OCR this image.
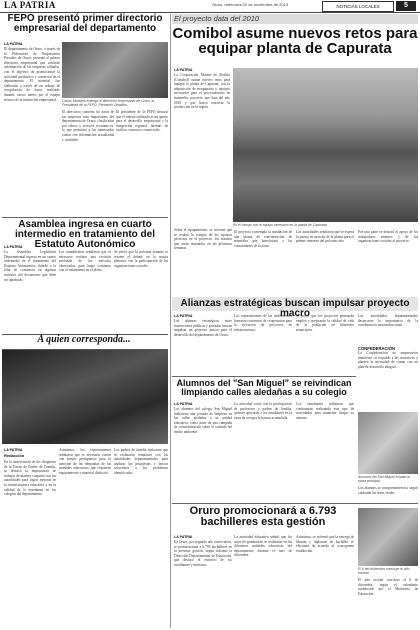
LA PATRIA	Oruro, miércoles 20 de noviembre de 2013	NOTICIAS LOCALES	5
FEPO presentó primer directorio empresarial del departamento
LA PATRIA
El departamento de Oruro, a través de la Federación de Empresarios Privados de Oruro, presentó el primer directorio empresarial que contiene información de las empresas afiliadas, con el objetivo de promocionar la actividad productiva y comercial en el departamento. El material fue elaborado a través de un trabajo de recopilación de datos realizado durante varios meses por el equipo técnico de la institución empresarial.	Carlos Montoya entrega el directorio empresarial de Oruro, al Presidente de la FEPO, Fernando Zeballos.
El directorio contiene los datos de las empresas más importantes del departamento de Oruro, clasificadas por rubros y sectores económicos, lo que permitirá a los interesados contar con información actualizada y confiable.
El presidente de la FEPO destacó que el trabajo realizado es un aporte para el desarrollo empresarial y la integración regional, además de facilitar contactos comerciales.
Asamblea ingresa en cuarto intermedio en tratamiento del Estatuto Autonómico
LA PATRIA
La Asamblea Legislativa Departamental ingresó en un cuarto intermedio en el tratamiento del Estatuto Autonómico, debido a la falta de consensos en algunos artículos del documento que debe ser aprobado.
Los asambleístas señalaron que es necesario realizar una revisión profunda de los artículos observados, para luego continuar con el tratamiento en el pleno.
Se prevé que la próxima semana se retome el debate en la sesión plenaria, con la participación de las organizaciones sociales.
A quien corresponda...
LA PATRIA
Redacción
En la intervención de los dirigentes de la Unión de Padres de Familia, se destacó la importancia de trabajar de manera conjunta con las autoridades para lograr mejoras en la infraestructura educativa y en la calidad de la enseñanza en los colegios del departamento.
Asimismo, los representantes señalaron que es necesario contar con mayor presupuesto para la atención de las demandas de las unidades educativas, que requieren equipamiento y material didáctico.
Los padres de familia indicaron que se realizarán reuniones con las autoridades departamentales para analizar las propuestas y buscar soluciones a los problemas identificados.
El proyecto data del 2010
Comibol asume nuevos retos para equipar planta de Capurata
LA PATRIA
La Corporación Minera de Bolivia (Comibol) asume nuevos retos para equipar la planta de Capurata, con la adquisición de maquinaria y equipos necesarios para el procesamiento de minerales, proyecto que data del año 2010 y que busca reactivar la producción en la región.
En el campo con el equipo necesario en la planta de Capurata.
Sobre el equipamiento, se informó que se realizó la compra de los equipos previstos en el proyecto, los mismos que serán instalados en las próximas semanas.
El proyecto contempla la instalación de una planta de concentración de minerales que beneficiará a las comunidades de la zona.
Las autoridades señalaron que se espera la puesta en marcha de la planta para el primer semestre del próximo año.
Por otra parte se destacó el apoyo de los trabajadores mineros y de las organizaciones sociales al proyecto.
Alianzas estratégicas buscan impulsar proyecto macro
LA PATRIA
Las alianzas estratégicas entre instituciones públicas y privadas buscan impulsar un proyecto macro para el desarrollo del departamento de Oruro.
Los representantes de las instituciones firmaron convenios de cooperación para la ejecución de proyectos de infraestructura.
Se prevé que los proyectos generarán empleo y mejorarán la calidad de vida de la población en diferentes municipios.
Las autoridades departamentales destacaron la importancia de la coordinación interinstitucional.
CONFEDERACIÓN
La Confederación de empresarios manifestó su respaldo a las iniciativas y planteó la necesidad de contar con un plan de desarrollo integral.
Alumnos del "San Miguel" se reivindican limpiando calles aledañas a su colegio
LA PATRIA
Los alumnos del colegio San Miguel realizaron una jornada de limpieza en las calles aledañas a su unidad educativa, como parte de una campaña de concientización sobre el cuidado del medio ambiente.
La actividad contó con la participación de profesores y padres de familia, quienes apoyaron a los estudiantes en la tarea de recoger la basura acumulada.
Los estudiantes señalaron que continuarán realizando este tipo de actividades para mantener limpio su entorno.
Alumnos del San Miguel limpian la plaza principal.
Los alumnos se comprometieron a seguir cuidando las áreas verdes.
Oruro promocionará a 6.793 bachilleres esta gestión
LA PATRIA
En Oruro, por segundo año consecutivo, se promocionará a 6.793 bachilleres en la presente gestión, según informó la Dirección Departamental de Educación, que destacó el esfuerzo de los estudiantes y maestros.
La autoridad educativa señaló que los actos de graduación se realizarán en las diferentes unidades educativas del departamento durante el mes de diciembre.
Asimismo, se informó que la entrega de libretas y diplomas de bachiller se efectuará de acuerdo al cronograma establecido.
El 6 del diciembre concluye el año escolar.
El año escolar concluye el 6 de diciembre, según el calendario establecido por el Ministerio de Educación.
